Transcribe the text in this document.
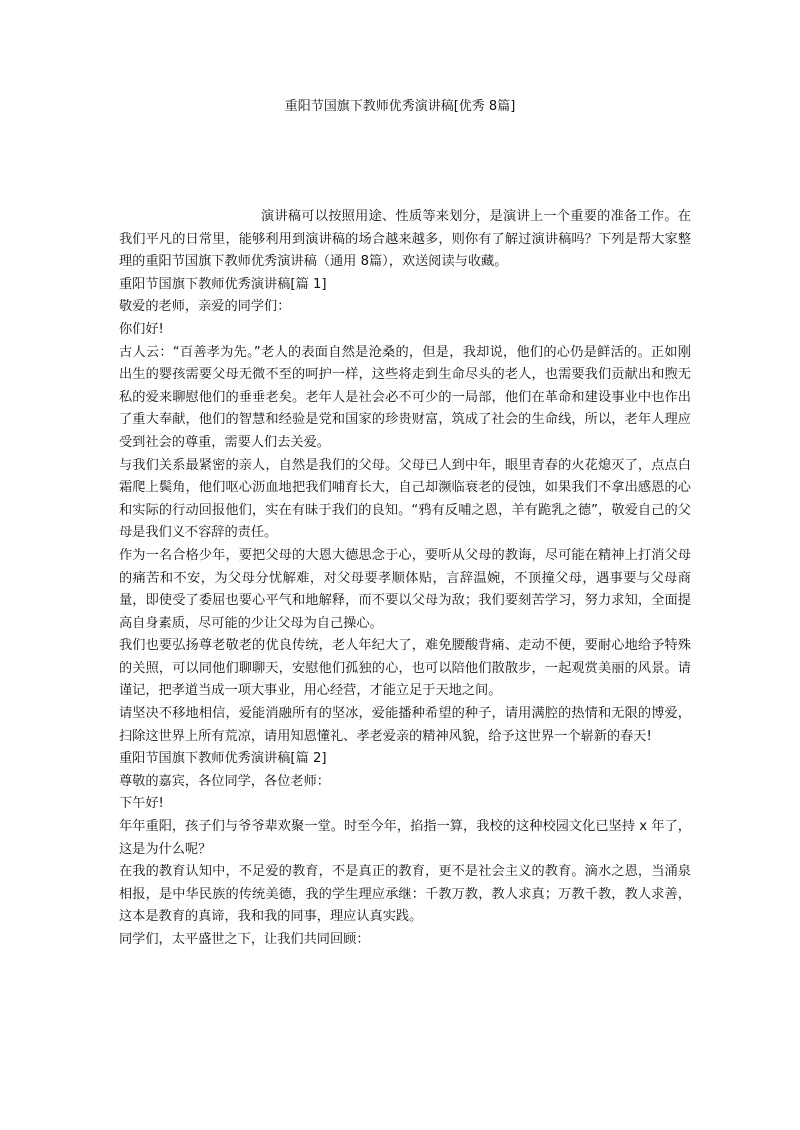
重阳节国旗下教师优秀演讲稿[优秀 8篇]

演讲稿可以按照用途、性质等来划分，是演讲上一个重要的准备工作。在我们平凡的日常里，能够利用到演讲稿的场合越来越多，则你有了解过演讲稿吗？下列是帮大家整理的重阳节国旗下教师优秀演讲稿（通用 8篇），欢送阅读与收藏。

重阳节国旗下教师优秀演讲稿[篇 1]

敬爱的老师，亲爱的同学们：

你们好!

古人云：“百善孝为先。”老人的表面自然是沧桑的，但是，我却说，他们的心仍是鲜活的。正如刚出生的婴孩需要父母无微不至的呵护一样，这些将走到生命尽头的老人，也需要我们贡献出和煦无私的爱来聊慰他们的垂垂老矣。老年人是社会必不可少的一局部，他们在革命和建设事业中也作出了重大奉献，他们的智慧和经验是党和国家的珍贵财富，筑成了社会的生命线，所以，老年人理应受到社会的尊重，需要人们去关爱。

与我们关系最紧密的亲人，自然是我们的父母。父母已人到中年，眼里青春的火花熄灭了，点点白霜爬上鬓角，他们呕心沥血地把我们哺育长大，自己却濒临衰老的侵蚀，如果我们不拿出感恩的心和实际的行动回报他们，实在有昧于我们的良知。“鸦有反哺之恩，羊有跪乳之德”，敬爱自己的父母是我们义不容辞的责任。

作为一名合格少年，要把父母的大恩大德思念于心，要听从父母的教诲，尽可能在精神上打消父母的痛苦和不安，为父母分忧解难，对父母要孝顺体贴，言辞温婉，不顶撞父母，遇事要与父母商量，即使受了委屈也要心平气和地解释，而不要以父母为敌；我们要刻苦学习，努力求知，全面提高自身素质，尽可能的少让父母为自己操心。

我们也要弘扬尊老敬老的优良传统，老人年纪大了，难免腰酸背痛、走动不便，要耐心地给予特殊的关照，可以同他们聊聊天，安慰他们孤独的心，也可以陪他们散散步，一起观赏美丽的风景。请谨记，把孝道当成一项大事业，用心经营，才能立足于天地之间。

请坚决不移地相信，爱能消融所有的坚冰，爱能播种希望的种子，请用满腔的热情和无限的博爱，扫除这世界上所有荒凉，请用知恩懂礼、孝老爱亲的精神风貌，给予这世界一个崭新的春天!

重阳节国旗下教师优秀演讲稿[篇 2]

尊敬的嘉宾，各位同学，各位老师：

下午好!

年年重阳，孩子们与爷爷辈欢聚一堂。时至今年，掐指一算，我校的这种校园文化已坚持 x 年了，这是为什么呢？

在我的教育认知中，不足爱的教育，不是真正的教育，更不是社会主义的教育。滴水之恩，当涌泉相报，是中华民族的传统美德，我的学生理应承继：千教万教，教人求真；万教千教，教人求善，这本是教育的真谛，我和我的同事，理应认真实践。

同学们，太平盛世之下，让我们共同回顾：
